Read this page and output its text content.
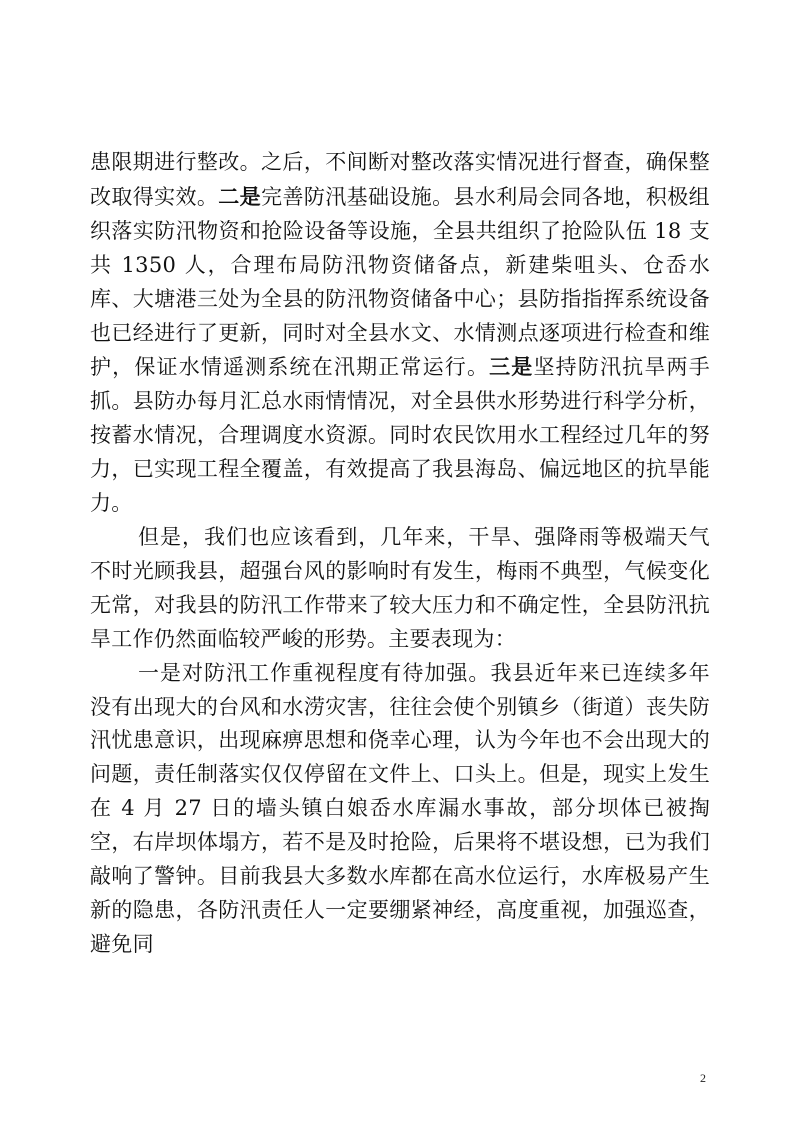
患限期进行整改。之后，不间断对整改落实情况进行督查，确保整改取得实效。二是完善防汛基础设施。县水利局会同各地，积极组织落实防汛物资和抢险设备等设施，全县共组织了抢险队伍 18 支共 1350 人，合理布局防汛物资储备点，新建柴咀头、仓岙水库、大塘港三处为全县的防汛物资储备中心；县防指指挥系统设备也已经进行了更新，同时对全县水文、水情测点逐项进行检查和维护，保证水情遥测系统在汛期正常运行。三是坚持防汛抗旱两手抓。县防办每月汇总水雨情情况，对全县供水形势进行科学分析，按蓄水情况，合理调度水资源。同时农民饮用水工程经过几年的努力，已实现工程全覆盖，有效提高了我县海岛、偏远地区的抗旱能力。

但是，我们也应该看到，几年来，干旱、强降雨等极端天气不时光顾我县，超强台风的影响时有发生，梅雨不典型，气候变化无常，对我县的防汛工作带来了较大压力和不确定性，全县防汛抗旱工作仍然面临较严峻的形势。主要表现为：

一是对防汛工作重视程度有待加强。我县近年来已连续多年没有出现大的台风和水涝灾害，往往会使个别镇乡（街道）丧失防汛忧患意识，出现麻痹思想和侥幸心理，认为今年也不会出现大的问题，责任制落实仅仅停留在文件上、口头上。但是，现实上发生在 4 月 27 日的墙头镇白娘岙水库漏水事故，部分坝体已被掏空，右岸坝体塌方，若不是及时抢险，后果将不堪设想，已为我们敲响了警钟。目前我县大多数水库都在高水位运行，水库极易产生新的隐患，各防汛责任人一定要绷紧神经，高度重视，加强巡查，避免同

2
